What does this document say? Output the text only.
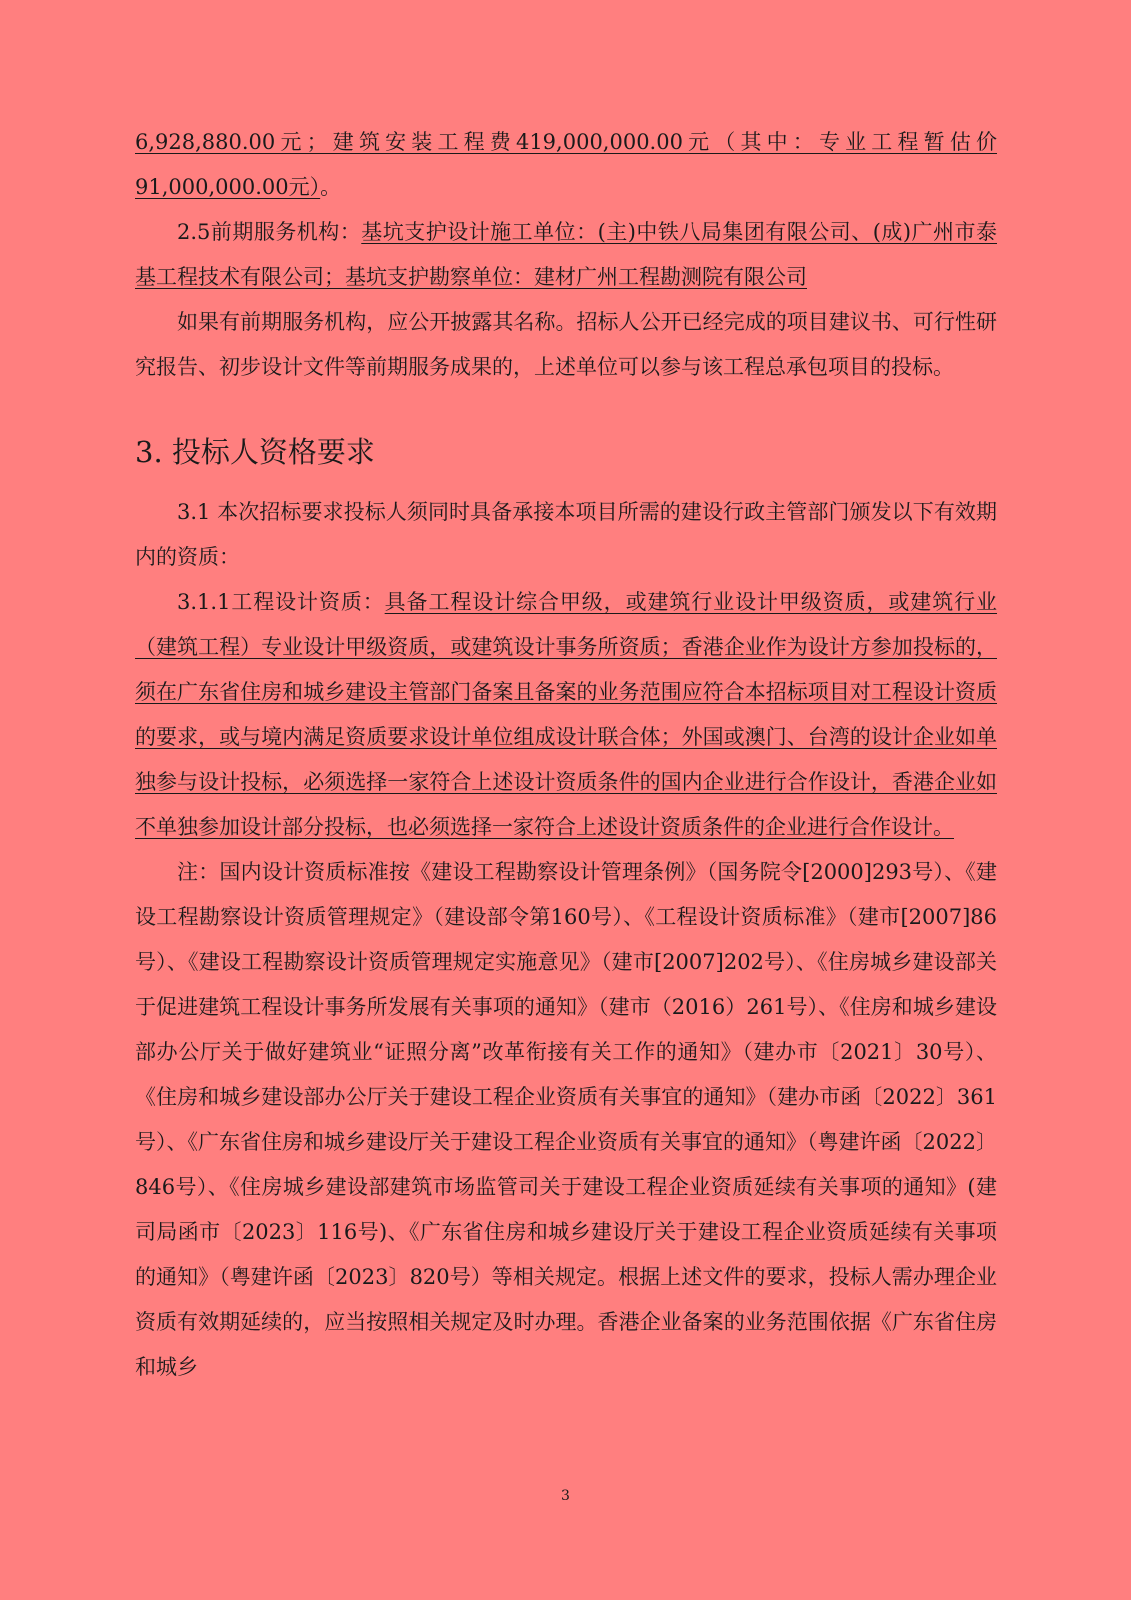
6,928,880.00元；建筑安装工程费419,000,000.00元（其中：专业工程暂估价91,000,000.00元）。

2.5前期服务机构：基坑支护设计施工单位：(主)中铁八局集团有限公司、(成)广州市泰基工程技术有限公司；基坑支护勘察单位：建材广州工程勘测院有限公司

如果有前期服务机构，应公开披露其名称。招标人公开已经完成的项目建议书、可行性研究报告、初步设计文件等前期服务成果的，上述单位可以参与该工程总承包项目的投标。

3. 投标人资格要求

3.1 本次招标要求投标人须同时具备承接本项目所需的建设行政主管部门颁发以下有效期内的资质：

3.1.1工程设计资质：具备工程设计综合甲级，或建筑行业设计甲级资质，或建筑行业（建筑工程）专业设计甲级资质，或建筑设计事务所资质；香港企业作为设计方参加投标的，须在广东省住房和城乡建设主管部门备案且备案的业务范围应符合本招标项目对工程设计资质的要求，或与境内满足资质要求设计单位组成设计联合体；外国或澳门、台湾的设计企业如单独参与设计投标，必须选择一家符合上述设计资质条件的国内企业进行合作设计，香港企业如不单独参加设计部分投标，也必须选择一家符合上述设计资质条件的企业进行合作设计。

注：国内设计资质标准按《建设工程勘察设计管理条例》（国务院令[2000]293号）、《建设工程勘察设计资质管理规定》（建设部令第160号）、《工程设计资质标准》（建市[2007]86号）、《建设工程勘察设计资质管理规定实施意见》（建市[2007]202号）、《住房城乡建设部关于促进建筑工程设计事务所发展有关事项的通知》（建市（2016）261号）、《住房和城乡建设部办公厅关于做好建筑业“证照分离”改革衔接有关工作的通知》（建办市〔2021〕30号）、《住房和城乡建设部办公厅关于建设工程企业资质有关事宜的通知》（建办市函〔2022〕361号）、《广东省住房和城乡建设厅关于建设工程企业资质有关事宜的通知》（粤建许函〔2022〕846号）、《住房城乡建设部建筑市场监管司关于建设工程企业资质延续有关事项的通知》(建司局函市〔2023〕116号)、《广东省住房和城乡建设厅关于建设工程企业资质延续有关事项的通知》（粤建许函〔2023〕820号）等相关规定。根据上述文件的要求，投标人需办理企业资质有效期延续的，应当按照相关规定及时办理。香港企业备案的业务范围依据《广东省住房和城乡

3
